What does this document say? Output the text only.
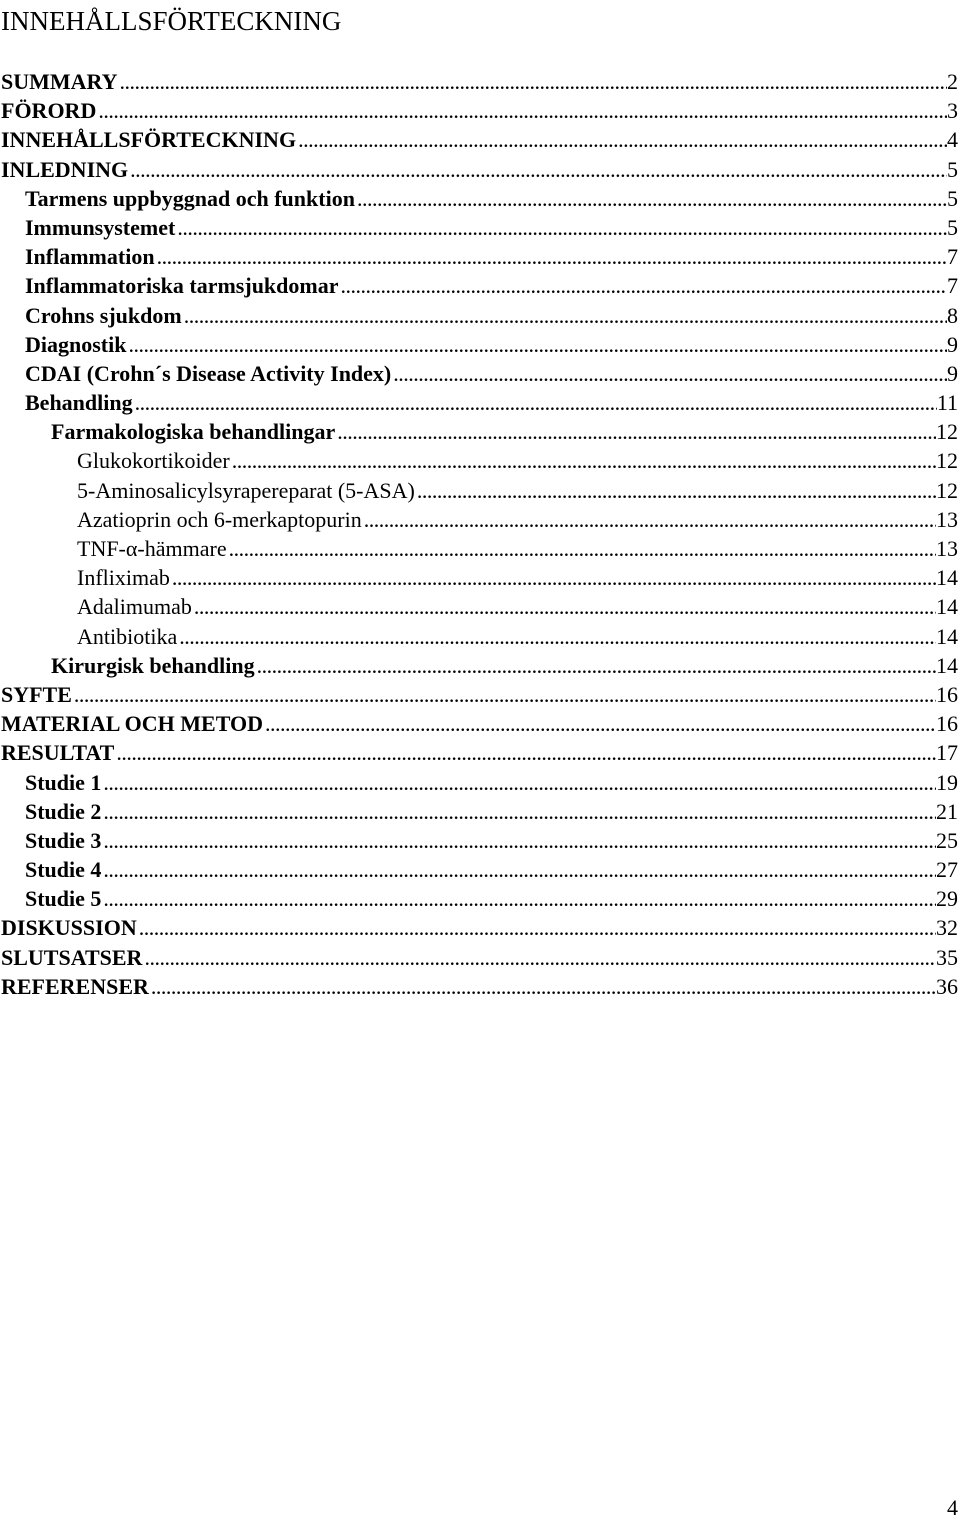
INNEHÅLLSFÖRTECKNING
SUMMARY . . .	2
FÖRORD . . .	3
INNEHÅLLSFÖRTECKNING . . .	4
INLEDNING . . .	5
Tarmens uppbyggnad och funktion . . .	5
Immunsystemet . . .	5
Inflammation . . .	7
Inflammatoriska tarmsjukdomar . . .	7
Crohns sjukdom . . .	8
Diagnostik . . .	9
CDAI (Crohn´s Disease Activity Index) . . .	9
Behandling . . .	11
Farmakologiska behandlingar . . .	12
Glukokortikoider . . .	12
5-Aminosalicylsyrapereparat (5-ASA) . . .	12
Azatioprin och 6-merkaptopurin . . .	13
TNF-α-hämmare . . .	13
Infliximab . . .	14
Adalimumab . . .	14
Antibiotika . . .	14
Kirurgisk behandling . . .	14
SYFTE . . .	16
MATERIAL OCH METOD . . .	16
RESULTAT . . .	17
Studie 1 . . .	19
Studie 2 . . .	21
Studie 3 . . .	25
Studie 4 . . .	27
Studie 5 . . .	29
DISKUSSION . . .	32
SLUTSATSER . . .	35
REFERENSER . . .	36
4
